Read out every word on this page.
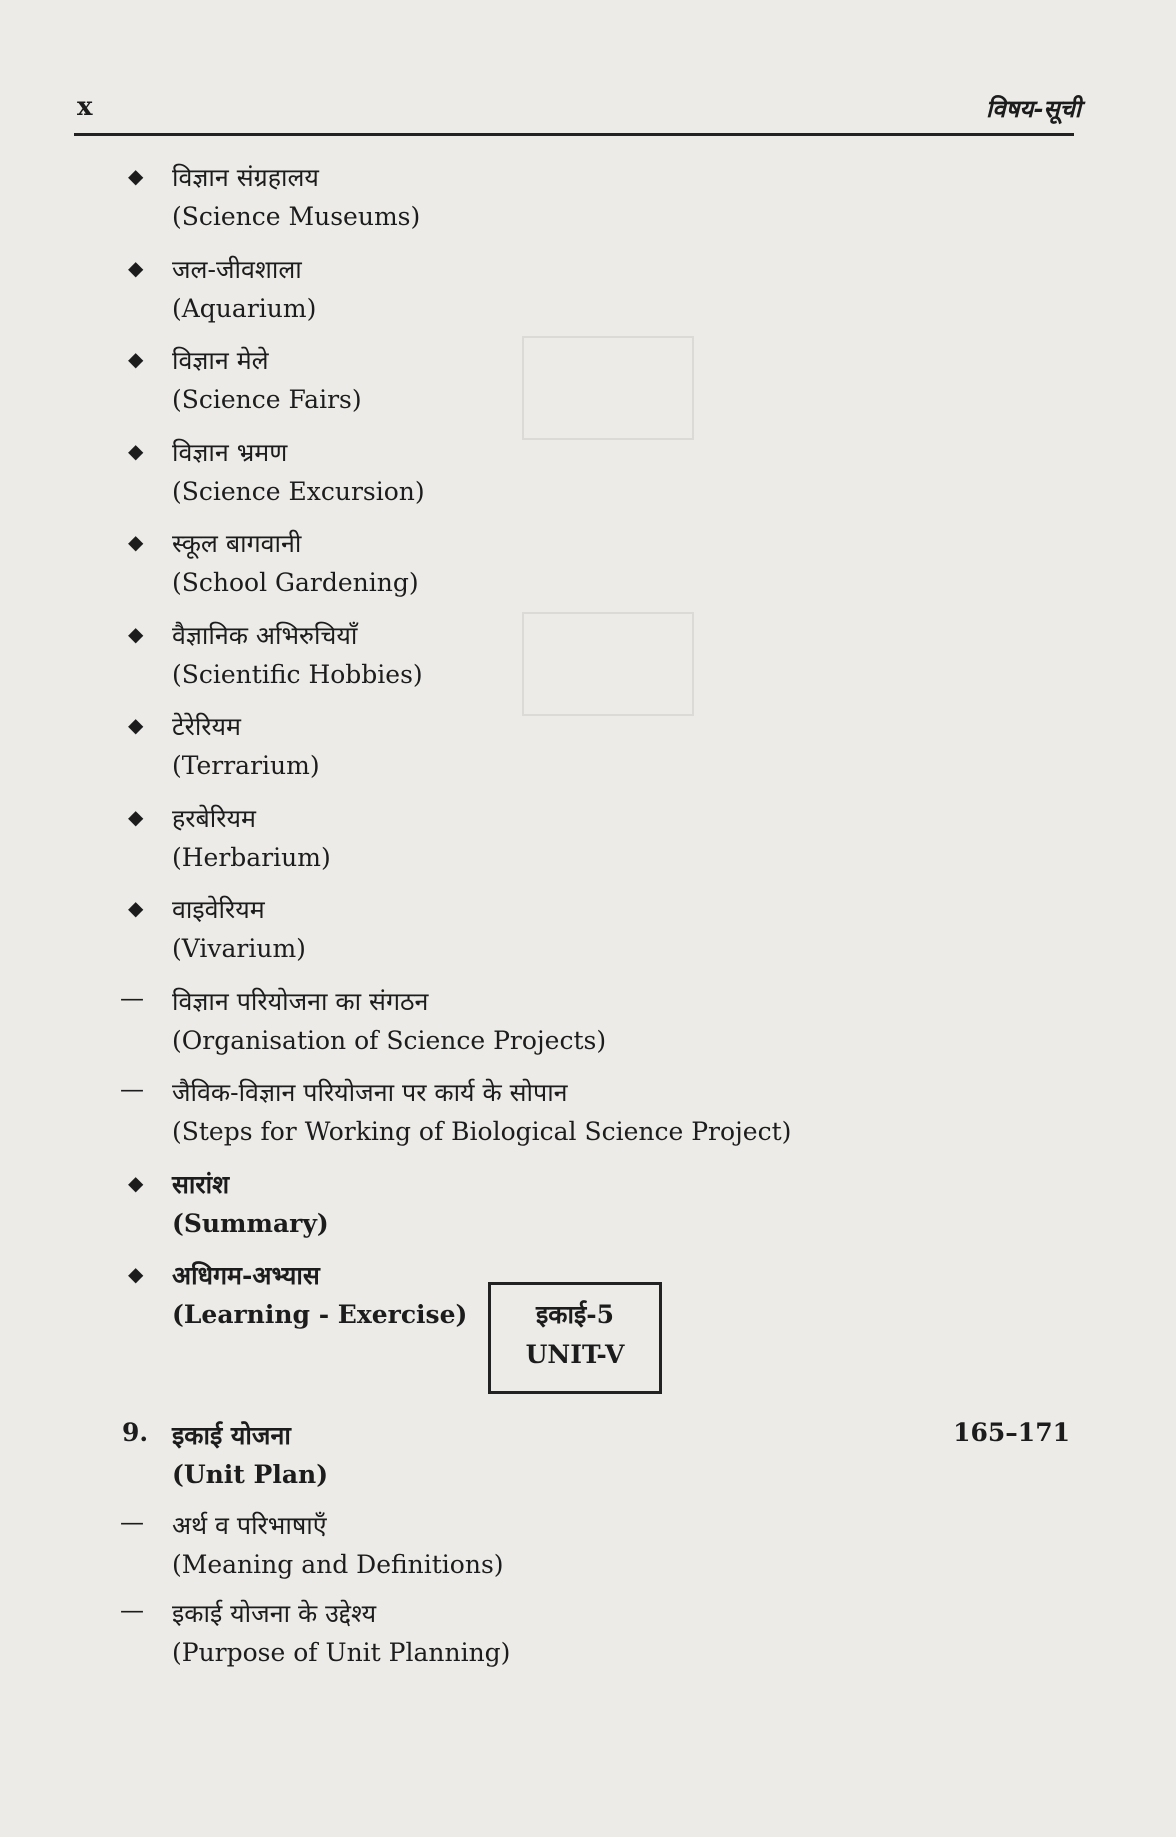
x	विषय-सूची
◆ विज्ञान संग्रहालय
(Science Museums)
◆ जल-जीवशाला
(Aquarium)
◆ विज्ञान मेले
(Science Fairs)
◆ विज्ञान भ्रमण
(Science Excursion)
◆ स्कूल बागवानी
(School Gardening)
◆ वैज्ञानिक अभिरुचियाँ
(Scientific Hobbies)
◆ टेरेरियम
(Terrarium)
◆ हरबेरियम
(Herbarium)
◆ वाइवेरियम
(Vivarium)
— विज्ञान परियोजना का संगठन
(Organisation of Science Projects)
— जैविक-विज्ञान परियोजना पर कार्य के सोपान
(Steps for Working of Biological Science Project)
◆ सारांश
(Summary)
◆ अधिगम-अभ्यास
(Learning - Exercise)	इकाई-5
UNIT-V
9. इकाई योजना
(Unit Plan)
165–171
— अर्थ व परिभाषाएँ
(Meaning and Definitions)
— इकाई योजना के उद्देश्य
(Purpose of Unit Planning)
